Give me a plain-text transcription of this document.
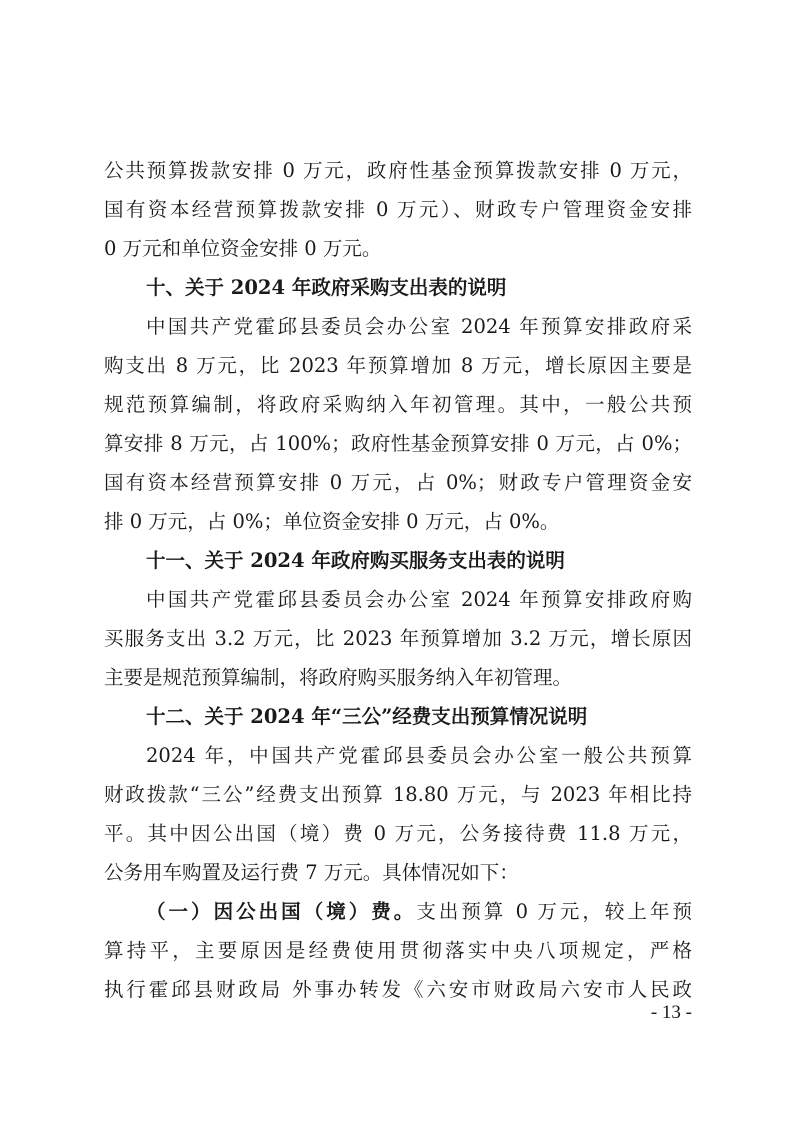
公共预算拨款安排 0 万元，政府性基金预算拨款安排 0 万元，
国有资本经营预算拨款安排 0 万元）、财政专户管理资金安排
0 万元和单位资金安排 0 万元。
十、关于 2024 年政府采购支出表的说明
中国共产党霍邱县委员会办公室 2024 年预算安排政府采
购支出 8 万元，比 2023 年预算增加 8 万元，增长原因主要是
规范预算编制，将政府采购纳入年初管理。其中，一般公共预
算安排 8 万元，占 100%；政府性基金预算安排 0 万元，占 0%；
国有资本经营预算安排 0 万元，占 0%；财政专户管理资金安
排 0 万元，占 0%；单位资金安排 0 万元，占 0%。
十一、关于 2024 年政府购买服务支出表的说明
中国共产党霍邱县委员会办公室 2024 年预算安排政府购
买服务支出 3.2 万元，比 2023 年预算增加 3.2 万元，增长原因
主要是规范预算编制，将政府购买服务纳入年初管理。
十二、关于 2024 年“三公”经费支出预算情况说明
2024 年，中国共产党霍邱县委员会办公室一般公共预算
财政拨款“三公”经费支出预算 18.80 万元，与 2023 年相比持
平。其中因公出国（境）费 0 万元，公务接待费 11.8 万元，
公务用车购置及运行费 7 万元。具体情况如下：
（一）因公出国（境）费。支出预算 0 万元，较上年预
算持平，主要原因是经费使用贯彻落实中央八项规定，严格
执行霍邱县财政局 外事办转发《六安市财政局六安市人民政
- 13 -
